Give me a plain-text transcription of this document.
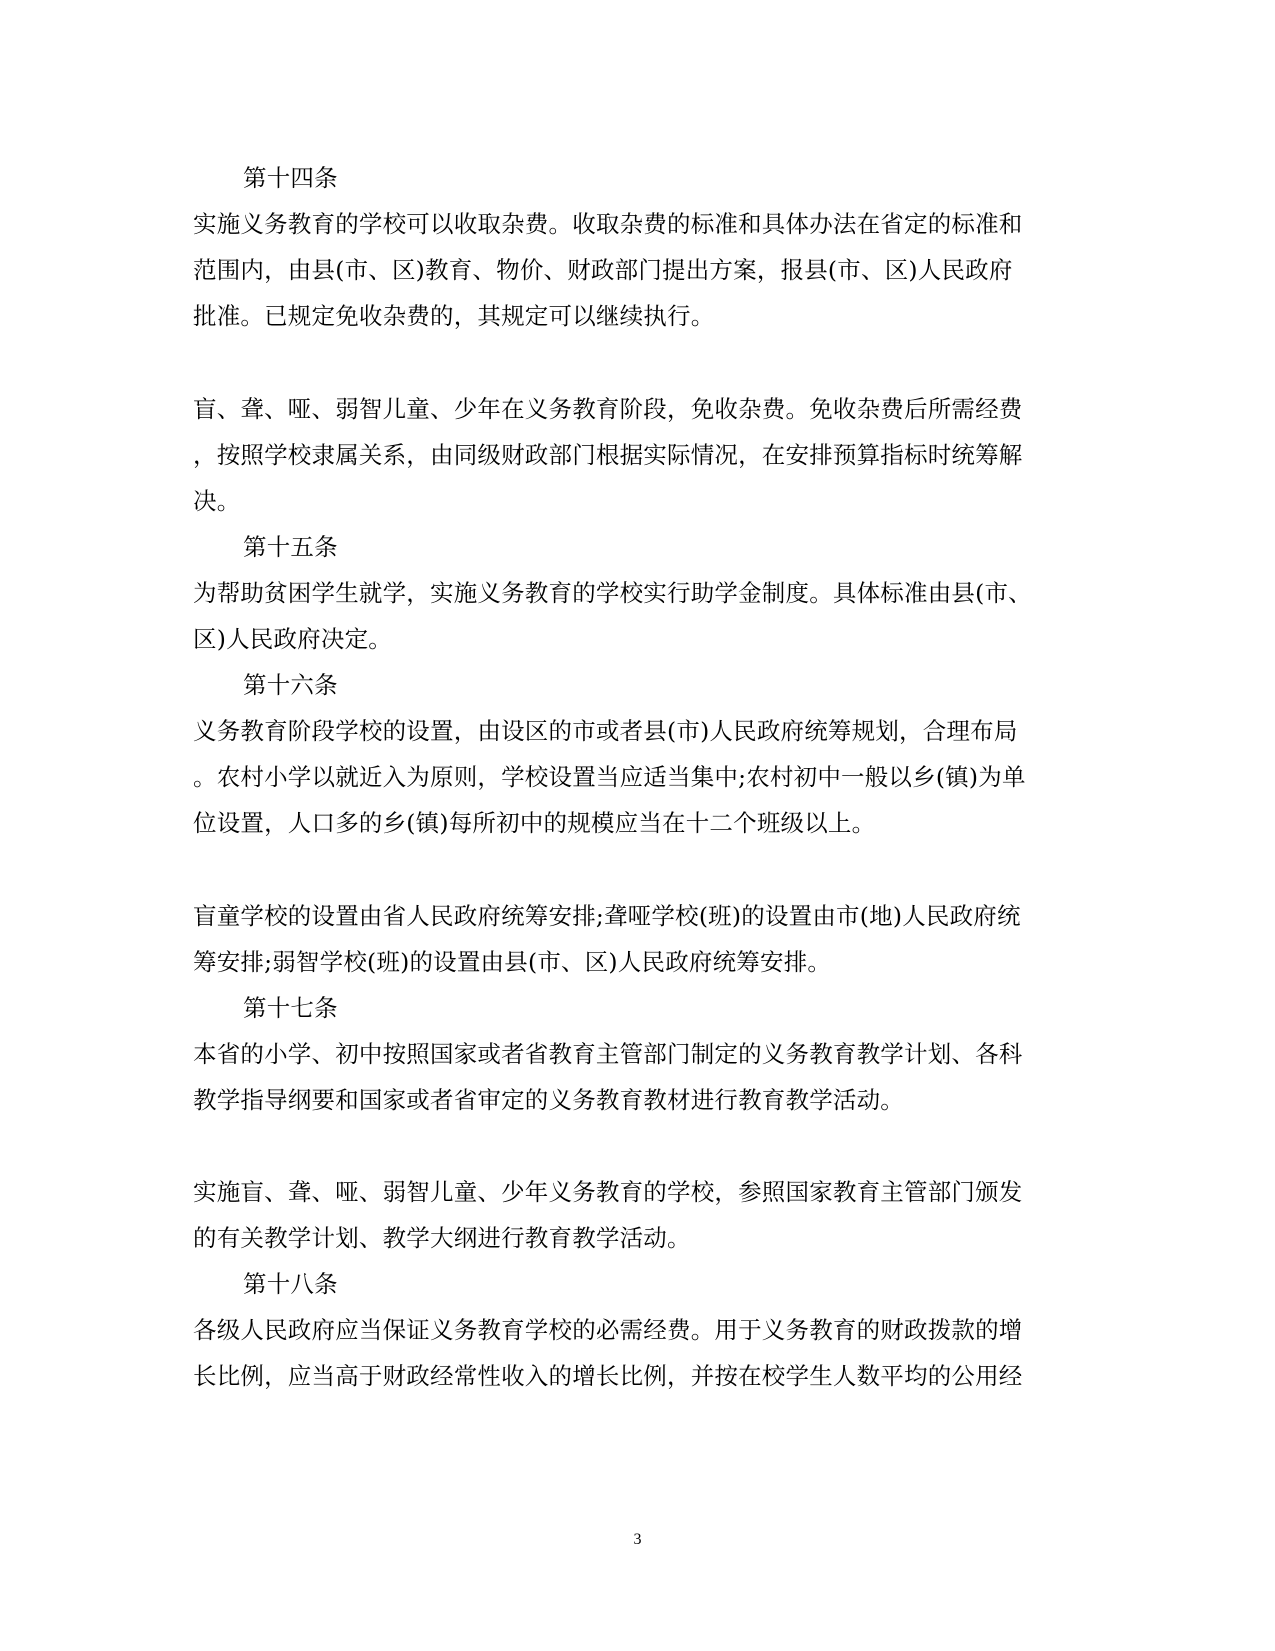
第十四条
实施义务教育的学校可以收取杂费。收取杂费的标准和具体办法在省定的标准和
范围内，由县(市、区)教育、物价、财政部门提出方案，报县(市、区)人民政府
批准。已规定免收杂费的，其规定可以继续执行。
盲、聋、哑、弱智儿童、少年在义务教育阶段，免收杂费。免收杂费后所需经费
，按照学校隶属关系，由同级财政部门根据实际情况，在安排预算指标时统筹解
决。
第十五条
为帮助贫困学生就学，实施义务教育的学校实行助学金制度。具体标准由县(市、
区)人民政府决定。
第十六条
义务教育阶段学校的设置，由设区的市或者县(市)人民政府统筹规划，合理布局
。农村小学以就近入为原则，学校设置当应适当集中;农村初中一般以乡(镇)为单
位设置，人口多的乡(镇)每所初中的规模应当在十二个班级以上。
盲童学校的设置由省人民政府统筹安排;聋哑学校(班)的设置由市(地)人民政府统
筹安排;弱智学校(班)的设置由县(市、区)人民政府统筹安排。
第十七条
本省的小学、初中按照国家或者省教育主管部门制定的义务教育教学计划、各科
教学指导纲要和国家或者省审定的义务教育教材进行教育教学活动。
实施盲、聋、哑、弱智儿童、少年义务教育的学校，参照国家教育主管部门颁发
的有关教学计划、教学大纲进行教育教学活动。
第十八条
各级人民政府应当保证义务教育学校的必需经费。用于义务教育的财政拨款的增
长比例，应当高于财政经常性收入的增长比例，并按在校学生人数平均的公用经
3
